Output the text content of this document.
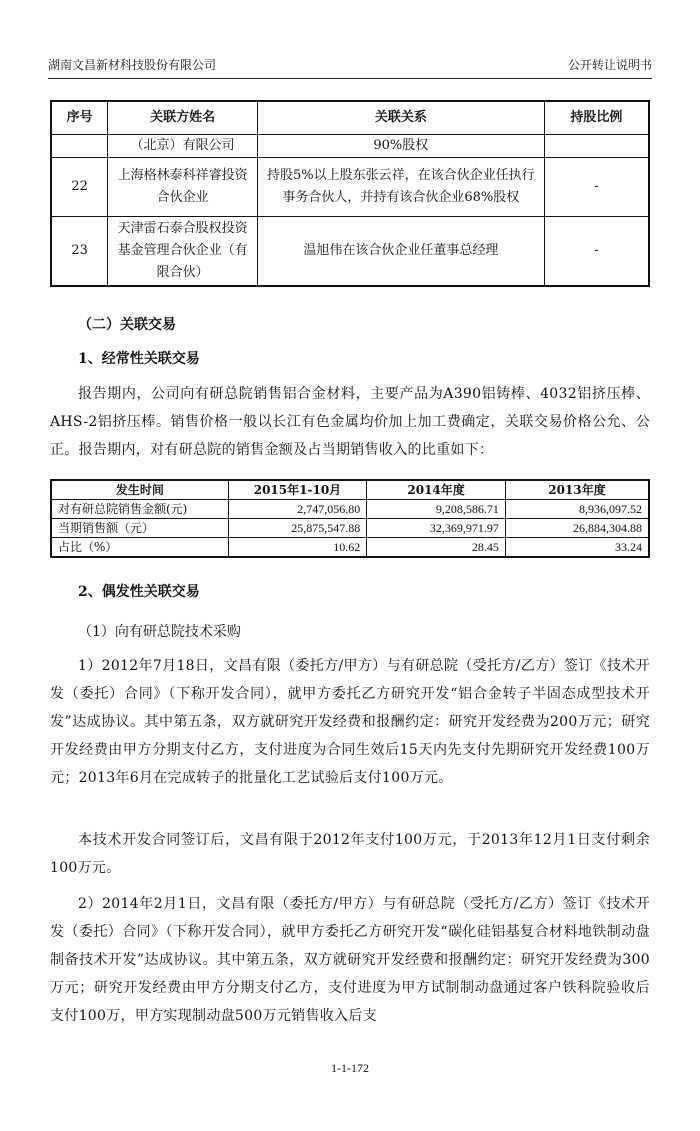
湖南文昌新材科技股份有限公司	公开转让说明书
序号	关联方姓名	关联关系	持股比例
	（北京）有限公司	90%股权	
22	上海格林泰科祥睿投资合伙企业	持股5%以上股东张云祥，在该合伙企业任执行事务合伙人，并持有该合伙企业68%股权	-
23	天津雷石泰合股权投资基金管理合伙企业（有限合伙）	温旭伟在该合伙企业任董事总经理	-
（二）关联交易
1、经常性关联交易
报告期内，公司向有研总院销售铝合金材料，主要产品为A390铝铸棒、4032铝挤压棒、AHS-2铝挤压棒。销售价格一般以长江有色金属均价加上加工费确定，关联交易价格公允、公正。报告期内，对有研总院的销售金额及占当期销售收入的比重如下：
发生时间	2015年1-10月	2014年度	2013年度
对有研总院销售金额(元)	2,747,056.80	9,208,586.71	8,936,097.52
当期销售额（元）	25,875,547.88	32,369,971.97	26,884,304.88
占比（%）	10.62	28.45	33.24
2、偶发性关联交易
（1）向有研总院技术采购
1）2012年7月18日，文昌有限（委托方/甲方）与有研总院（受托方/乙方）签订《技术开发（委托）合同》（下称开发合同），就甲方委托乙方研究开发“铝合金转子半固态成型技术开发”达成协议。其中第五条，双方就研究开发经费和报酬约定：研究开发经费为200万元；研究开发经费由甲方分期支付乙方，支付进度为合同生效后15天内先支付先期研究开发经费100万元；2013年6月在完成转子的批量化工艺试验后支付100万元。
本技术开发合同签订后，文昌有限于2012年支付100万元，于2013年12月1日支付剩余100万元。
2）2014年2月1日，文昌有限（委托方/甲方）与有研总院（受托方/乙方）签订《技术开发（委托）合同》（下称开发合同），就甲方委托乙方研究开发“碳化硅铝基复合材料地铁制动盘制备技术开发”达成协议。其中第五条，双方就研究开发经费和报酬约定：研究开发经费为300万元；研究开发经费由甲方分期支付乙方，支付进度为甲方试制制动盘通过客户铁科院验收后支付100万，甲方实现制动盘500万元销售收入后支
1-1-172
